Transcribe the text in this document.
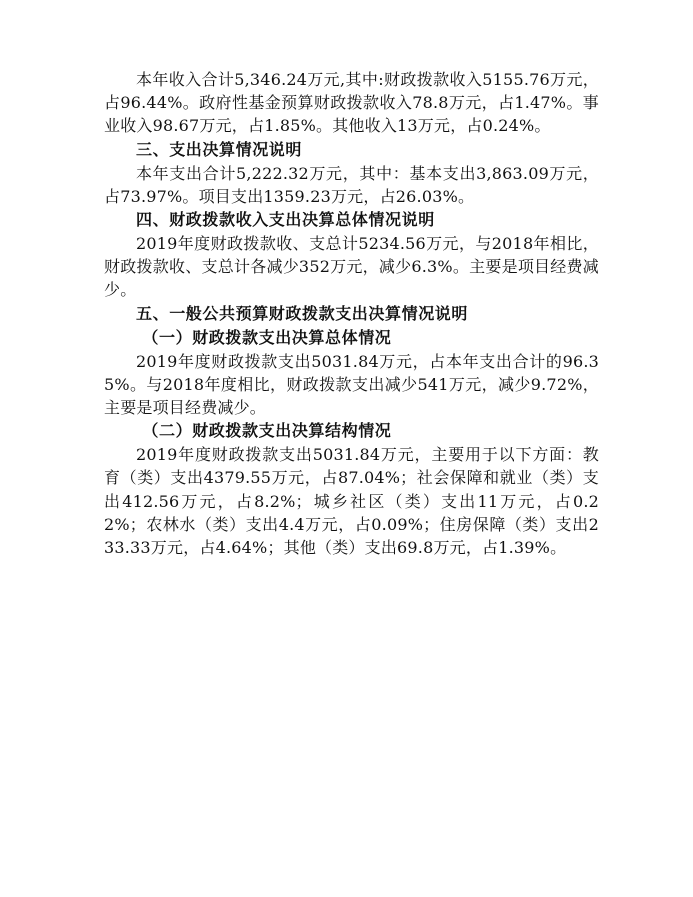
本年收入合计5,346.24万元,其中:财政拨款收入5155.76万元，占96.44%。政府性基金预算财政拨款收入78.8万元，占1.47%。事业收入98.67万元，占1.85%。其他收入13万元，占0.24%。

三、支出决算情况说明

本年支出合计5,222.32万元，其中：基本支出3,863.09万元，占73.97%。项目支出1359.23万元，占26.03%。

四、财政拨款收入支出决算总体情况说明

2019年度财政拨款收、支总计5234.56万元，与2018年相比，财政拨款收、支总计各减少352万元，减少6.3%。主要是项目经费减少。

五、一般公共预算财政拨款支出决算情况说明

（一）财政拨款支出决算总体情况

2019年度财政拨款支出5031.84万元，占本年支出合计的96.35%。与2018年度相比，财政拨款支出减少541万元，减少9.72%，主要是项目经费减少。

（二）财政拨款支出决算结构情况

2019年度财政拨款支出5031.84万元，主要用于以下方面：教育（类）支出4379.55万元，占87.04%；社会保障和就业（类）支出412.56万元，占8.2%；城乡社区（类）支出11万元，占0.22%；农林水（类）支出4.4万元，占0.09%；住房保障（类）支出233.33万元，占4.64%；其他（类）支出69.8万元，占1.39%。
